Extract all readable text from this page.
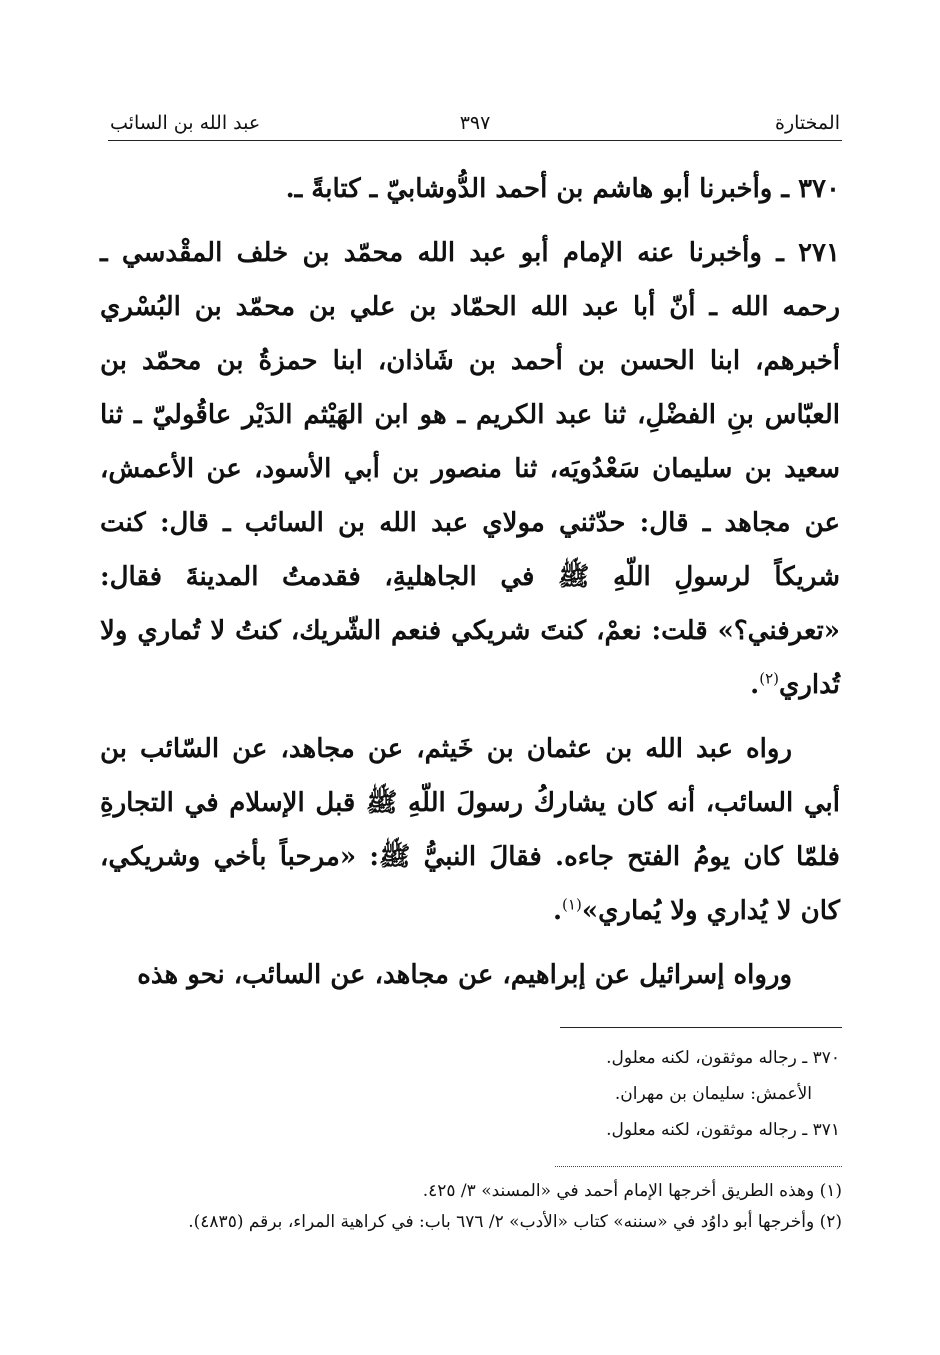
المختارة
٣٩٧
عبد الله بن السائب

٣٧٠ ـ وأخبرنا أبو هاشم بن أحمد الدُّوشابيّ ـ كتابةً ـ.

٢٧١ ـ وأخبرنا عنه الإمام أبو عبد الله محمّد بن خلف المقْدسي ـ رحمه الله ـ أنّ أبا عبد الله الحمّاد بن علي بن محمّد بن البُسْري أخبرهم، ابنا الحسن بن أحمد بن شَاذان، ابنا حمزةُ بن محمّد بن العبّاس بنِ الفضْلِ، ثنا عبد الكريم ـ هو ابن الهَيْثم الدَيْر عاقُوليّ ـ ثنا سعيد بن سليمان سَعْدُويَه، ثنا منصور بن أبي الأسود، عن الأعمش، عن مجاهد ـ قال: حدّثني مولاي عبد الله بن السائب ـ قال: كنت شريكاً لرسولِ اللّهِ ﷺ في الجاهليةِ، فقدمتُ المدينةَ فقال: «تعرفني؟» قلت: نعمْ، كنتَ شريكي فنعم الشّريك، كنتُ لا تُماري ولا تُداري$^{(٢)}$.

رواه عبد الله بن عثمان بن خَيثم، عن مجاهد، عن السّائب بن أبي السائب، أنه كان يشاركُ رسولَ اللّهِ ﷺ قبل الإسلام في التجارةِ فلمّا كان يومُ الفتح جاءه. فقالَ النبيُّ ﷺ: «مرحباً بأخي وشريكي، كان لا يُداري ولا يُماري»$^{(١)}$.

ورواه إسرائيل عن إبراهيم، عن مجاهد، عن السائب، نحو هذه

٣٧٠ ـ رجاله موثقون، لكنه معلول.
الأعمش: سليمان بن مهران.
٣٧١ ـ رجاله موثقون، لكنه معلول.
(١) وهذه الطريق أخرجها الإمام أحمد في «المسند» ٣/ ٤٢٥.
(٢) وأخرجها أبو داوُد في «سننه» كتاب «الأدب» ٢/ ٦٧٦ باب: في كراهية المراء، برقم (٤٨٣٥).
